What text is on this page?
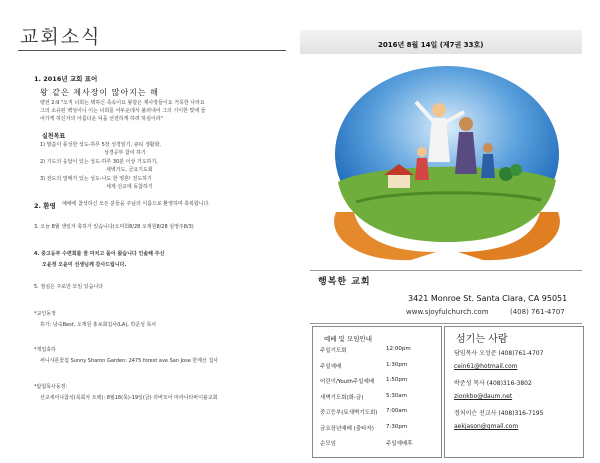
교회소식
1. 2016년 교회 표어
왕 같은 제사장이 많아지는 해
벧전 2:9 "오직 너희는 택하신 족속이요 왕같은 제사장들이요 거룩한 나라요
그의 소유된 백성이니 이는 너희를 어두운데서 불러내어 그의 기이한 빛에 들
어가게 하신자의 아름다운 덕을 선전하게 하려 하심이라"
실천목표
1) 말씀이 풍성한 성도-하루 5장 성경읽기, 큐티 생활화,
성경공부 참여 하기
2) 기도의 응답이 있는 성도-하루 30분 이상 기도하기,
새벽기도, 금요기도회
3) 전도의 열매가 있는 성도-나도 한 영혼! 전도하기
세계 선교에 동참하기
2. 환영 예배에 참석하신 모든 분들을 주님의 이름으로 환영하며 축복합니다.
3. 오늘 8월 생일자 축하가 있습니다(오미희8/28 오재원8/28 심영주8/3)
4. 중고등부 수련회를 잘 마치고 돌아 왔습니다 인솔해 주신
오윤정 오윤미 선생님께 감사드립니다.
5. 점심은 주로만 모임 있습니다
*교인동정
휴가: 남숙Best, 오재원 홍보회집사(LA), 박준성 목사
*개업축하
써니샤론꽃집 Sunny Sharon Garden: 2475 forest ave San Jose 한계선 집사
*탐험목사동정:
선교세미나참석(목회자 트랙): 8월18(목)-19일(금) 리버모어 마라나타바이블교회
2016년 8월 14일 (제7권 33호)
행복한 교회
3421 Monroe St. Santa Clara, CA 95051
www.sjoyfulchurch.com	(408) 761-4707
예배 및 모임안내
주일기도회	12:00pm
주일예배	1:30pm
어린이/Youth주일예배 1:50pm
새벽기도회(화-금)	5:30am
중고등부(토새벽기도회) 7:00am
금요장년예배 (출타자) 7:30pm
순모임	주일예배후
섬기는 사람
담임목사 오성준 (408)761-4707
cein61@hotmail.com
박준성 목사 (408)316-3802
zionkbo@daum.net
정처이슨 선교사 (408)316-7195
aekjason@gmail.com
